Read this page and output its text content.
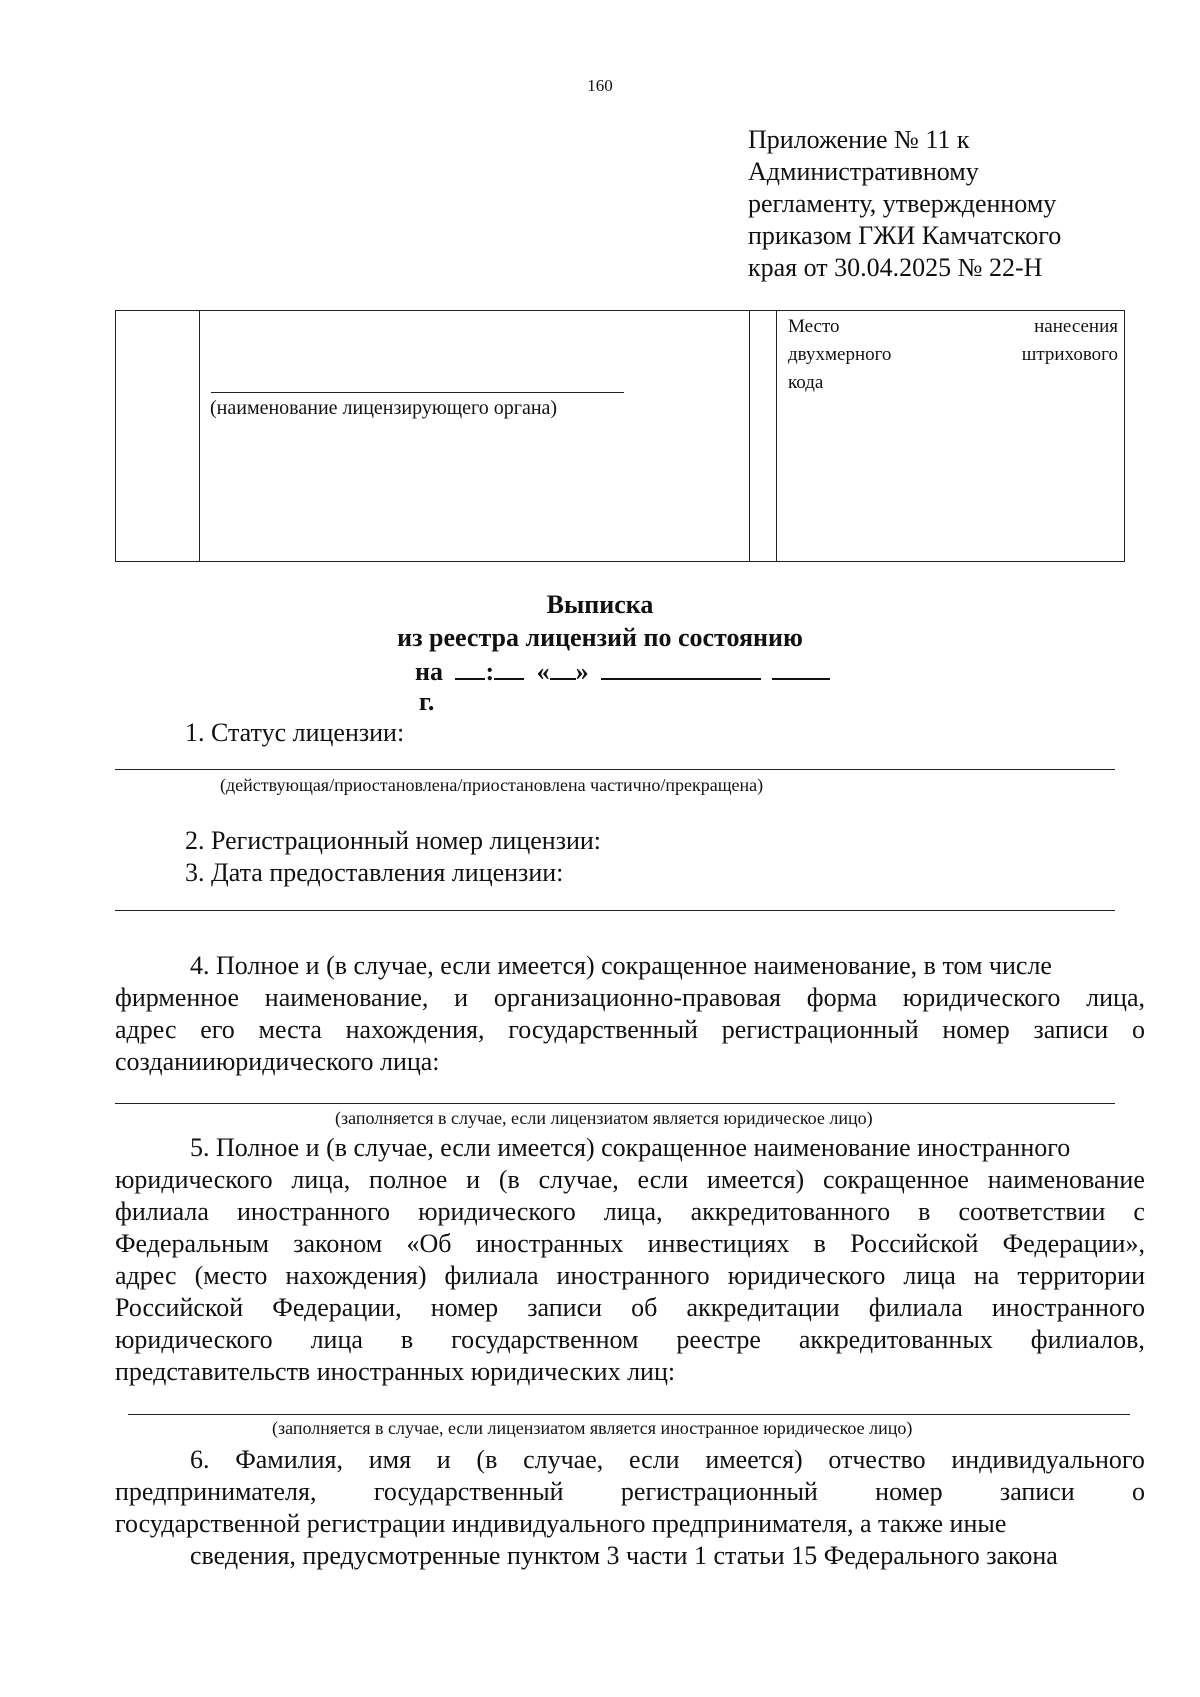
160
Приложение № 11 к
Административному
регламенту, утвержденному
приказом ГЖИ Камчатского
края от 30.04.2025 № 22-Н
(наименование лицензирующего органа)
Место	нанесения
двухмерного	штрихового
кода
Выписка
из реестра лицензий по состоянию
на : « »   г.
1. Статус лицензии:
(действующая/приостановлена/приостановлена частично/прекращена)
2. Регистрационный номер лицензии:
3. Дата предоставления лицензии:
4. Полное и (в случае, если имеется) сокращенное наименование, в том числе
фирменное наименование, и организационно-правовая форма юридического лица,
адрес его места нахождения, государственный регистрационный номер записи о
созданииюридического лица:
(заполняется в случае, если лицензиатом является юридическое лицо)
5. Полное и (в случае, если имеется) сокращенное наименование иностранного
юридического лица, полное и (в случае, если имеется) сокращенное наименование
филиала иностранного юридического лица, аккредитованного в соответствии с
Федеральным законом «Об иностранных инвестициях в Российской Федерации»,
адрес (место нахождения) филиала иностранного юридического лица на территории
Российской Федерации, номер записи об аккредитации филиала иностранного
юридического лица в государственном реестре аккредитованных филиалов,
представительств иностранных юридических лиц:
(заполняется в случае, если лицензиатом является иностранное юридическое лицо)
6. Фамилия, имя и (в случае, если имеется) отчество индивидуального
предпринимателя, государственный регистрационный номер записи о
государственной регистрации индивидуального предпринимателя, а также иные
сведения, предусмотренные пунктом 3 части 1 статьи 15 Федерального закона
